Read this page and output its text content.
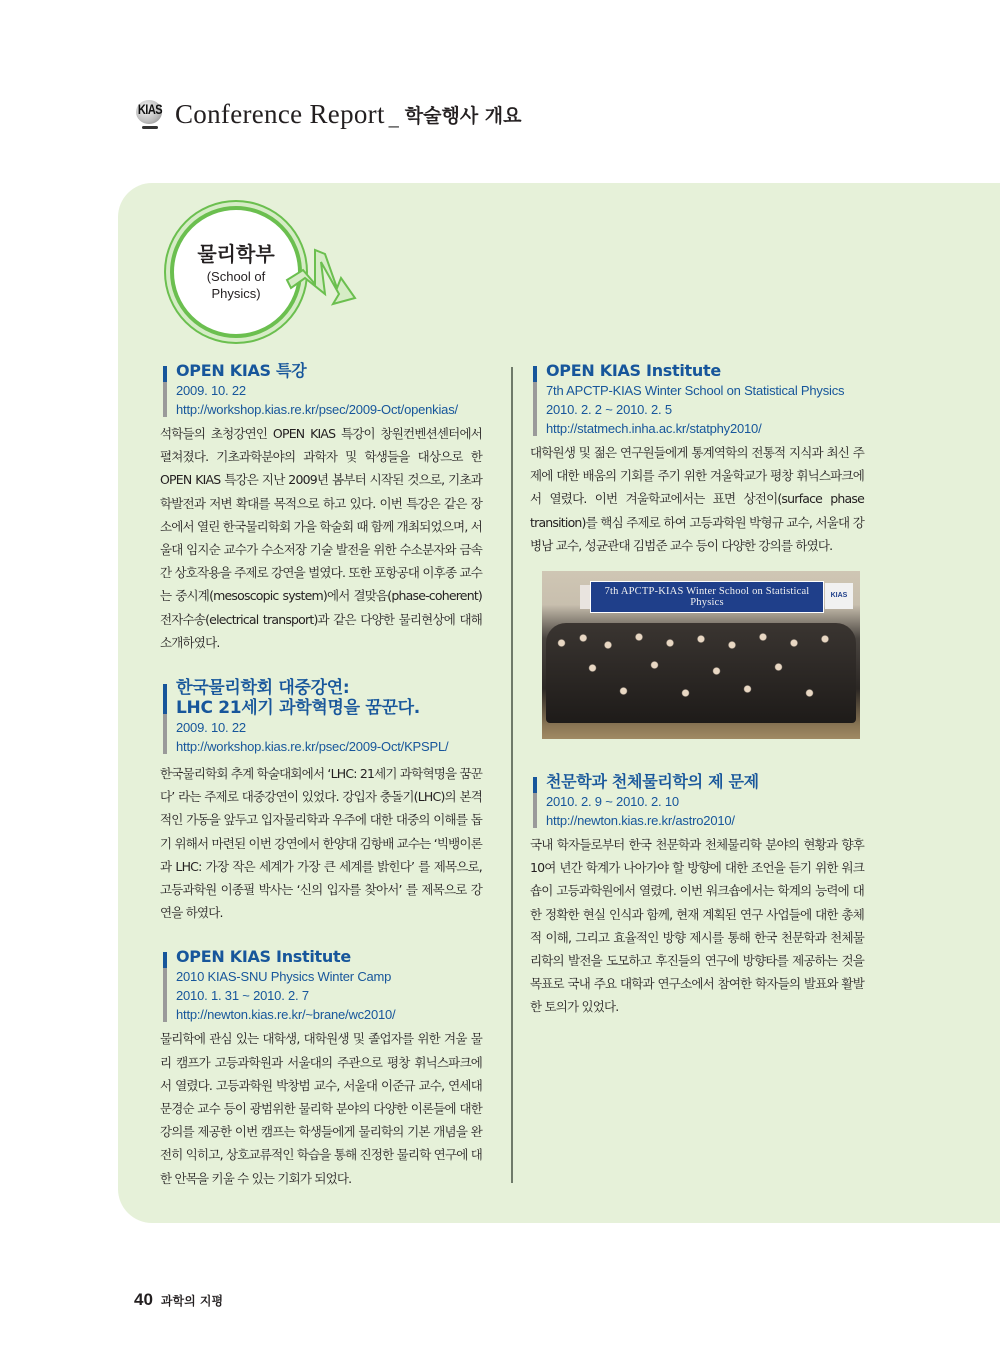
KIAS Conference Report _ 학술행사 개요
물리학부
(School of
Physics)
OPEN KIAS 특강
2009. 10. 22
http://workshop.kias.re.kr/psec/2009-Oct/openkias/
석학들의 초청강연인 OPEN KIAS 특강이 창원컨벤션센터에서 펼쳐졌다. 기초과학분야의 과학자 및 학생들을 대상으로 한 OPEN KIAS 특강은 지난 2009년 봄부터 시작된 것으로, 기초과학발전과 저변 확대를 목적으로 하고 있다. 이번 특강은 같은 장소에서 열린 한국물리학회 가을 학술회 때 함께 개최되었으며, 서울대 임지순 교수가 수소저장 기술 발전을 위한 수소분자와 금속 간 상호작용을 주제로 강연을 벌였다. 또한 포항공대 이후종 교수는 중시계(mesoscopic system)에서 결맞음(phase-coherent) 전자수송(electrical transport)과 같은 다양한 물리현상에 대해 소개하였다.
한국물리학회 대중강연:
LHC 21세기 과학혁명을 꿈꾼다.
2009. 10. 22
http://workshop.kias.re.kr/psec/2009-Oct/KPSPL/
한국물리학회 추계 학술대회에서 ‘LHC: 21세기 과학혁명을 꿈꾼다’ 라는 주제로 대중강연이 있었다. 강입자 충돌기(LHC)의 본격적인 가동을 앞두고 입자물리학과 우주에 대한 대중의 이해를 돕기 위해서 마련된 이번 강연에서 한양대 김항배 교수는 ‘빅뱅이론과 LHC: 가장 작은 세계가 가장 큰 세계를 밝힌다’ 를 제목으로, 고등과학원 이종필 박사는 ‘신의 입자를 찾아서’ 를 제목으로 강연을 하였다.
OPEN KIAS Institute
2010 KIAS-SNU Physics Winter Camp
2010. 1. 31 ~ 2010. 2. 7
http://newton.kias.re.kr/~brane/wc2010/
물리학에 관심 있는 대학생, 대학원생 및 졸업자를 위한 겨울 물리 캠프가 고등과학원과 서울대의 주관으로 평창 휘닉스파크에서 열렸다. 고등과학원 박창범 교수, 서울대 이준규 교수, 연세대 문경순 교수 등이 광범위한 물리학 분야의 다양한 이론들에 대한 강의를 제공한 이번 캠프는 학생들에게 물리학의 기본 개념을 완전히 익히고, 상호교류적인 학습을 통해 진정한 물리학 연구에 대한 안목을 키울 수 있는 기회가 되었다.
OPEN KIAS Institute
7th APCTP-KIAS Winter School on Statistical Physics
2010. 2. 2 ~ 2010. 2. 5
http://statmech.inha.ac.kr/statphy2010/
대학원생 및 젊은 연구원들에게 통계역학의 전통적 지식과 최신 주제에 대한 배움의 기회를 주기 위한 겨울학교가 평창 휘닉스파크에서 열렸다. 이번 겨울학교에서는 표면 상전이(surface phase transition)를 핵심 주제로 하여 고등과학원 박형규 교수, 서울대 강병남 교수, 성균관대 김범준 교수 등이 다양한 강의를 하였다.
7th APCTP-KIAS Winter School on Statistical Physics
KIAS
천문학과 천체물리학의 제 문제
2010. 2. 9 ~ 2010. 2. 10
http://newton.kias.re.kr/astro2010/
국내 학자들로부터 한국 천문학과 천체물리학 분야의 현황과 향후 10여 년간 학계가 나아가야 할 방향에 대한 조언을 듣기 위한 워크숍이 고등과학원에서 열렸다. 이번 워크숍에서는 학계의 능력에 대한 정확한 현실 인식과 함께, 현재 계획된 연구 사업들에 대한 총체적 이해, 그리고 효율적인 방향 제시를 통해 한국 천문학과 천체물리학의 발전을 도모하고 후진들의 연구에 방향타를 제공하는 것을 목표로 국내 주요 대학과 연구소에서 참여한 학자들의 발표와 활발한 토의가 있었다.
40 과학의 지평
